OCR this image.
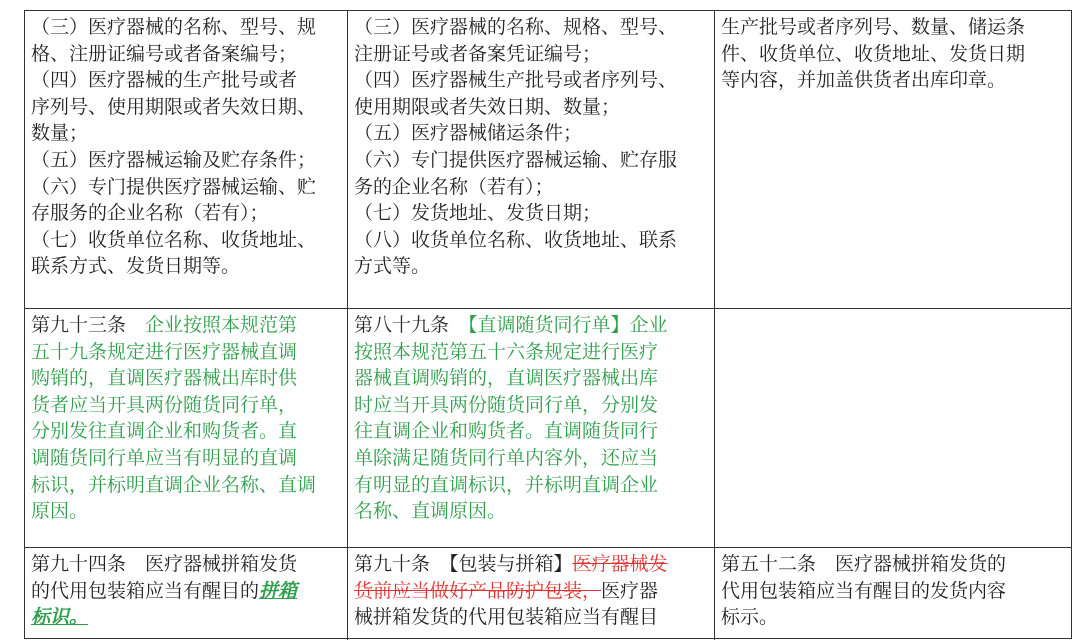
（三）医疗器械的名称、型号、规
格、注册证编号或者备案编号；
（四）医疗器械的生产批号或者
序列号、使用期限或者失效日期、
数量；
（五）医疗器械运输及贮存条件；
（六）专门提供医疗器械运输、贮
存服务的企业名称（若有）；
（七）收货单位名称、收货地址、
联系方式、发货日期等。
（三）医疗器械的名称、规格、型号、
注册证号或者备案凭证编号；
（四）医疗器械生产批号或者序列号、
使用期限或者失效日期、数量；
（五）医疗器械储运条件；
（六）专门提供医疗器械运输、贮存服
务的企业名称（若有）；
（七）发货地址、发货日期；
（八）收货单位名称、收货地址、联系
方式等。
生产批号或者序列号、数量、储运条
件、收货单位、收货地址、发货日期
等内容，并加盖供货者出库印章。
第九十三条　 企业按照本规范第
五十九条规定进行医疗器械直调
购销的，直调医疗器械出库时供
货者应当开具两份随货同行单，
分别发往直调企业和购货者。直
调随货同行单应当有明显的直调
标识，并标明直调企业名称、直调
原因。
第八十九条　 【直调随货同行单】企业
按照本规范第五十六条规定进行医疗
器械直调购销的，直调医疗器械出库
时应当开具两份随货同行单，分别发
往直调企业和购货者。直调随货同行
单除满足随货同行单内容外，还应当
有明显的直调标识，并标明直调企业
名称、直调原因。
第九十四条　医疗器械拼箱发货
的代用包装箱应当有醒目的拼箱
标识。
第九十条　【包装与拼箱】医疗器械发
货前应当做好产品防护包装，医疗器
械拼箱发货的代用包装箱应当有醒目
第五十二条　医疗器械拼箱发货的
代用包装箱应当有醒目的发货内容
标示。
